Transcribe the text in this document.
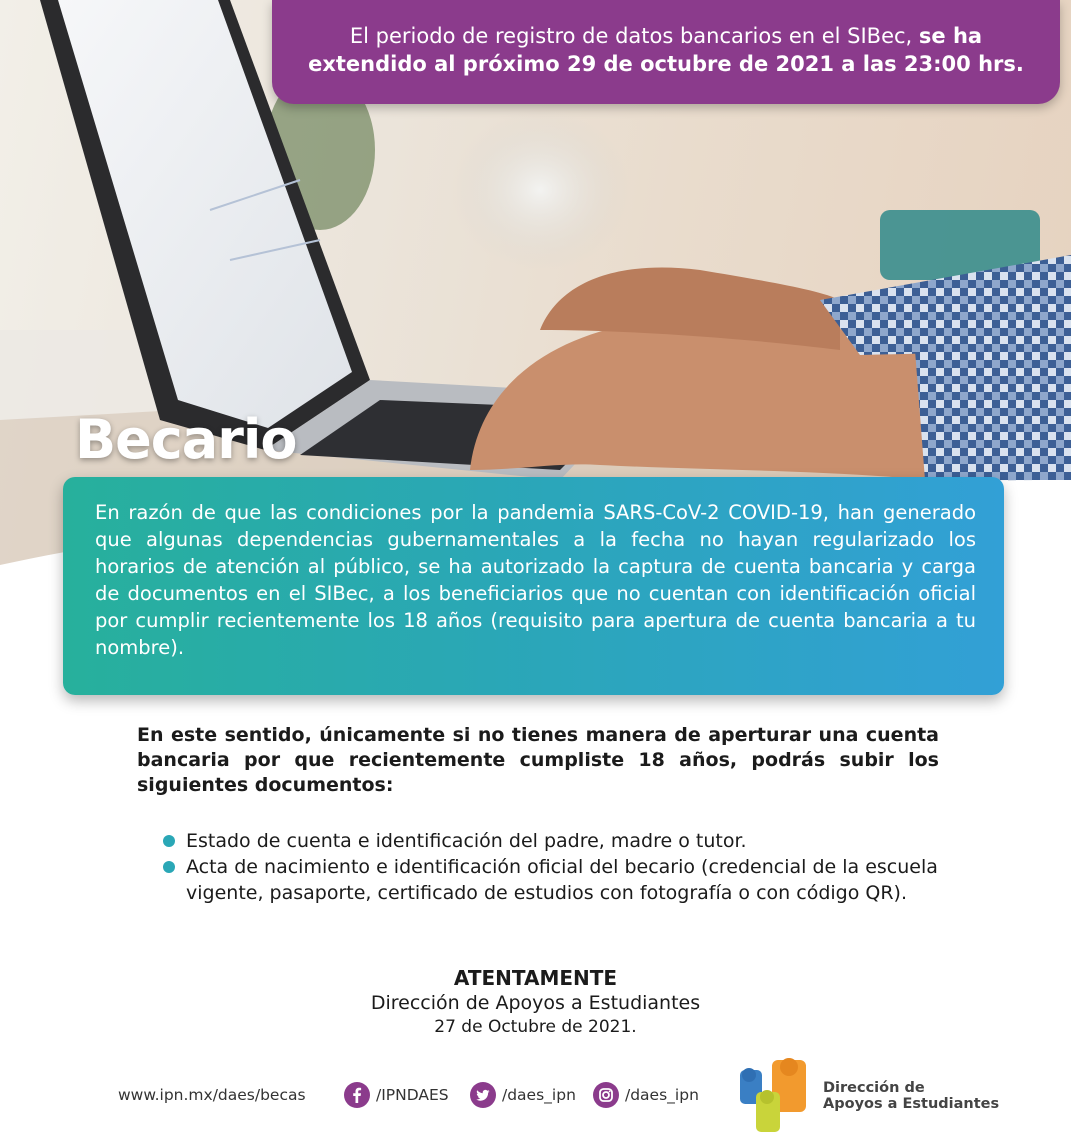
El periodo de registro de datos bancarios en el SIBec, se ha
extendido al próximo 29 de octubre de 2021 a las 23:00 hrs.
Becario
En razón de que las condiciones por la pandemia SARS-CoV-2 COVID-19, han generado que algunas dependencias gubernamentales a la fecha no hayan regularizado los horarios de atención al público, se ha autorizado la captura de cuenta bancaria y carga de documentos en el SIBec, a los beneficiarios que no cuentan con identificación oficial por cumplir recientemente los 18 años (requisito para apertura de cuenta bancaria a tu nombre).
En este sentido, únicamente si no tienes manera de aperturar una cuenta bancaria por que recientemente cumpliste 18 años, podrás subir los siguientes documentos:
Estado de cuenta e identificación del padre, madre o tutor.
Acta de nacimiento e identificación oficial del becario (credencial de la escuela vigente, pasaporte, certificado de estudios con fotografía o con código QR).
ATENTAMENTE
Dirección de Apoyos a Estudiantes
27 de Octubre de 2021.
www.ipn.mx/daes/becas	/IPNDAES	/daes_ipn	/daes_ipn	Dirección de
Apoyos a Estudiantes
